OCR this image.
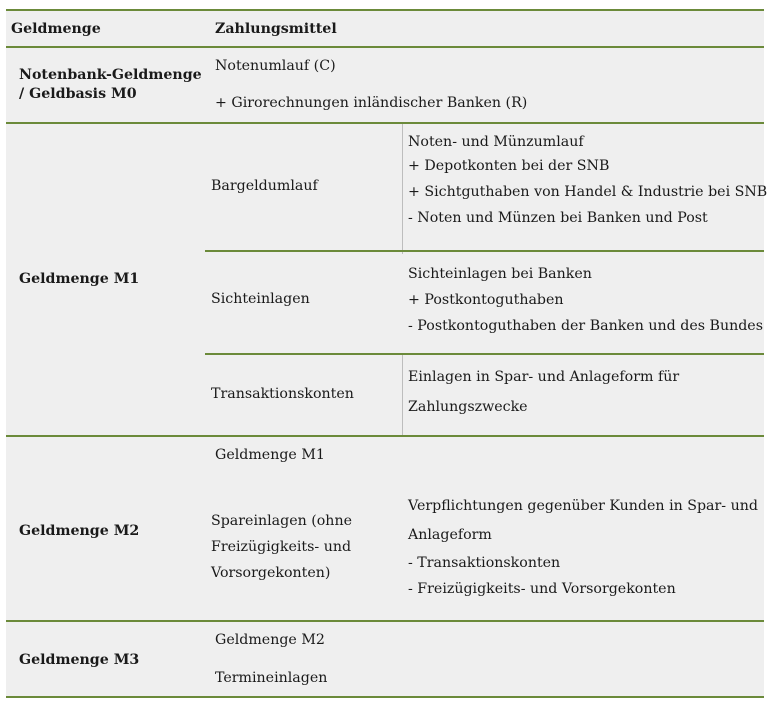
Geldmenge	Zahlungsmittel
Notenbank-Geldmenge
/ Geldbasis M0
Notenumlauf (C)
+ Girorechnungen inländischer Banken (R)
Geldmenge M1
Bargeldumlauf
Noten- und Münzumlauf
+ Depotkonten bei der SNB
+ Sichtguthaben von Handel & Industrie bei SNB
- Noten und Münzen bei Banken und Post
Sichteinlagen
Sichteinlagen bei Banken
+ Postkontoguthaben
- Postkontoguthaben der Banken und des Bundes
Transaktionskonten
Einlagen in Spar- und Anlageform für
Zahlungszwecke
Geldmenge M2
Geldmenge M1
Spareinlagen (ohne
Freizügigkeits- und
Vorsorgekonten)
Verpflichtungen gegenüber Kunden in Spar- und
Anlageform
- Transaktionskonten
- Freizügigkeits- und Vorsorgekonten
Geldmenge M3
Geldmenge M2
Termineinlagen
